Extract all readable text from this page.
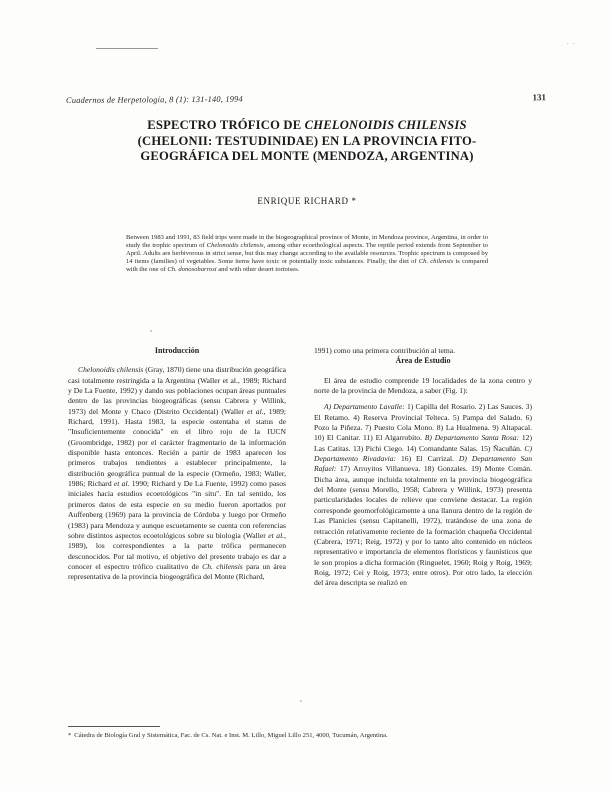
· ·
Cuadernos de Herpetología, 8 (1): 131-140, 1994	131
ESPECTRO TRÓFICO DE CHELONOIDIS CHILENSIS
(CHELONII: TESTUDINIDAE) EN LA PROVINCIA FITO-
GEOGRÁFICA DEL MONTE (MENDOZA, ARGENTINA)
ENRIQUE RICHARD *
Between 1983 and 1991, 83 field trips were made in the biogeographical province of Monte, in Mendoza province, Argentina, in order to study the trophic spectrum of Chelonoidis chilensis, among other ecoethological aspects. The reptile period extends from September to April. Adults are herbivorous in strict sense, but this may change according to the available resources. Trophic spectrum is composed by 14 items (families) of vegetables. Some items have toxic or potentially toxic substances. Finally, the diet of Ch. chilensis is compared with the one of Ch. donosobarrosi and with other desert tortoises.
Introducción

Chelonoidis chilensis (Gray, 1870) tiene una distribución geográfica casi totalmente restringida a la Argentina (Waller et al., 1989; Richard y De La Fuente, 1992) y dando sus poblaciones ocupan áreas puntuales dentro de las provincias biogeográficas (sensu Cabrera y Willink, 1973) del Monte y Chaco (Distrito Occidental) (Waller et al., 1989; Richard, 1991). Hasta 1983, la especie ostentaba el status de "Insuficientemente conocida" en el libro rojo de la IUCN (Groombridge, 1982) por el carácter fragmentario de la información disponible hasta entonces. Recién a partir de 1983 aparecen los primeros trabajos tendientes a establecer principalmente, la distribución geográfica puntual de la especie (Ormeño, 1983; Waller, 1986; Richard et al. 1990; Richard y De La Fuente, 1992) como pasos iniciales hacia estudios ecoetológicos "in situ". En tal sentido, los primeros datos de esta especie en su medio fueron aportados por Auffenberg (1969) para la provincia de Córdoba y luego por Ormeño (1983) para Mendoza y aunque escuetamente se cuenta con referencias sobre distintos aspectos ecoetológicos sobre su biología (Waller et al., 1989), los correspondientes a la parte trófica permanecen desconocidos. Por tal motivo, el objetivo del presente trabajo es dar a conocer el espectro trófico cualitativo de Ch. chilensis para un área representativa de la provincia biogeográfica del Monte (Richard,

1991) como una primera contribución al tema.

Área de Estudio

El área de estudio comprende 19 localidades de la zona centro y norte de la provincia de Mendoza, a saber (Fig. 1):

A) Departamento Lavalle: 1) Capilla del Rosario. 2) Las Sauces. 3) El Retamo. 4) Reserva Provincial Telteca. 5) Pampa del Salado. 6) Pozo la Piñeza. 7) Puesto Cola Mono. 8) La Hualmena. 9) Altapacal. 10) El Canitar. 11) El Algarrobito. B) Departamento Santa Rosa: 12) Las Catitas. 13) Pichi Ciego. 14) Comandante Salas. 15) Ñacuñán. C) Departamento Rivadavia: 16) El Carrizal. D) Departamento San Rafael: 17) Arroyitos Villanueva. 18) Gonzales. 19) Monte Comán. Dicha área, aunque incluida totalmente en la provincia biogeográfica del Monte (sensu Morello, 1958; Cabrera y Willink, 1973) presenta particularidades locales de relieve que conviene destacar. La región corresponde geomorfológicamente a una llanura dentro de la región de Las Planicies (sensu Capitanelli, 1972), tratándose de una zona de retracción relativamente reciente de la formación chaqueña Occidental (Cabrera, 1971; Reig, 1972) y por lo tanto alto contenido en núcleos representativo e importancia de elementos florísticos y faunísticos que le son propios a dicha formación (Ringuelet, 1960; Roig y Roig, 1969; Roig, 1972; Cei y Roig, 1973; entre otros). Por otro lado, la elección del área descripta se realizó en

* Cátedra de Biología Gral y Sistemática, Fac. de Cs. Nat. e Inst. M. Lillo, Miguel Lillo 251, 4000, Tucumán, Argentina.
